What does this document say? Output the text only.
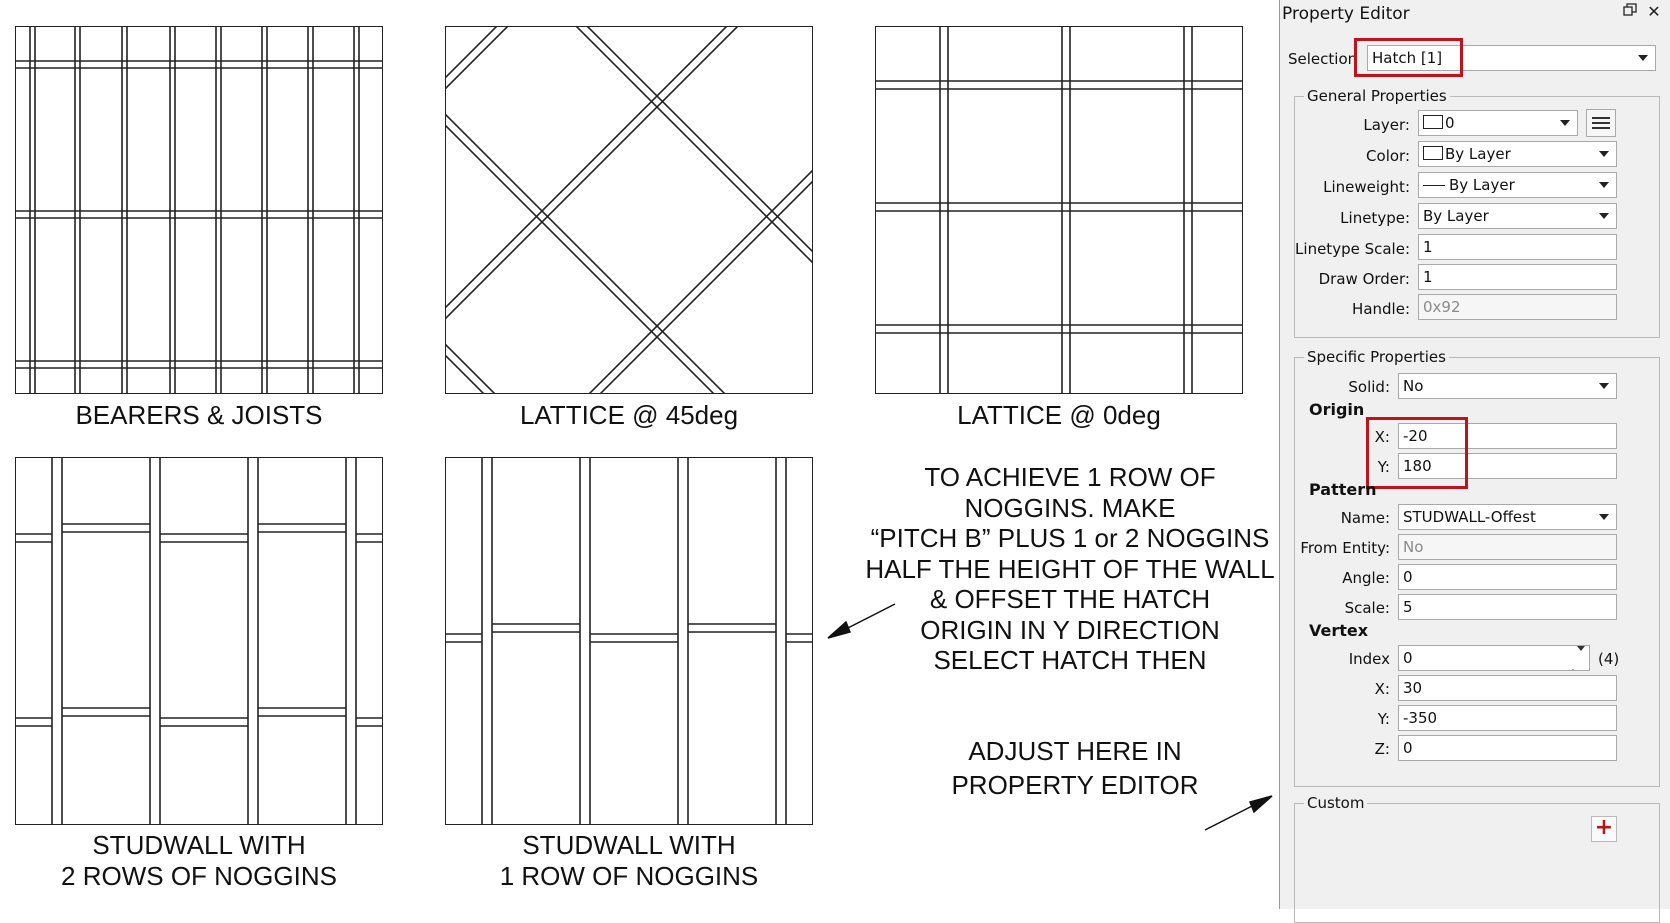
BEARERS & JOISTS	LATTICE @ 45deg	LATTICE @ 0deg
STUDWALL WITH
2 ROWS OF NOGGINS
STUDWALL WITH
1 ROW OF NOGGINS
TO ACHIEVE 1 ROW OF
NOGGINS. MAKE
“PITCH B” PLUS 1 or 2 NOGGINS
HALF THE HEIGHT OF THE WALL
& OFFSET THE HATCH
ORIGIN IN Y DIRECTION
SELECT HATCH THEN
ADJUST HERE IN
PROPERTY EDITOR
Property Editor	✕
Selection Hatch [1]
General Properties
Layer:	0
Color:	By Layer
Lineweight:	By Layer
Linetype: By Layer
Linetype Scale: 1
Draw Order: 1
Handle: 0x92
Specific Properties
Solid: No
Origin
X: -20
Y: 180
Pattern
Name: STUDWALL-Offest
From Entity: No
Angle: 0
Scale: 5
Vertex
Index 0	(4)
X: 30
Y: -350
Z: 0
Custom
+
